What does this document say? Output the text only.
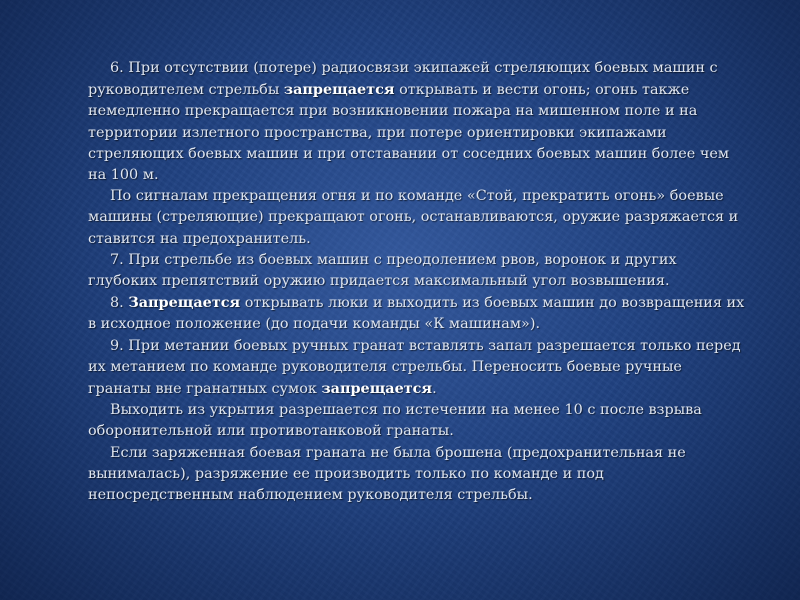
6. При отсутствии (потере) радиосвязи экипажей стреляющих боевых машин с руководителем стрельбы запрещается открывать и вести огонь; огонь также немедленно прекращается при возникновении пожара на мишенном поле и на территории излетного пространства, при потере ориентировки экипажами стреляющих боевых машин и при отставании от соседних боевых машин более чем на 100 м.

По сигналам прекращения огня и по команде «Стой, прекратить огонь» боевые машины (стреляющие) прекращают огонь, останавливаются, оружие разряжается и ставится на предохранитель.

7. При стрельбе из боевых машин с преодолением рвов, воронок и других глубоких препятствий оружию придается максимальный угол возвышения.

8. Запрещается открывать люки и выходить из боевых машин до возвращения их в исходное положение (до подачи команды «К машинам»).

9. При метании боевых ручных гранат вставлять запал разрешается только перед их метанием по команде руководителя стрельбы. Переносить боевые ручные гранаты вне гранатных сумок запрещается.

Выходить из укрытия разрешается по истечении на менее 10 с после взрыва оборонительной или противотанковой гранаты.

Если заряженная боевая граната не была брошена (предохранительная не вынималась), разряжение ее производить только по команде и под непосредственным наблюдением руководителя стрельбы.
